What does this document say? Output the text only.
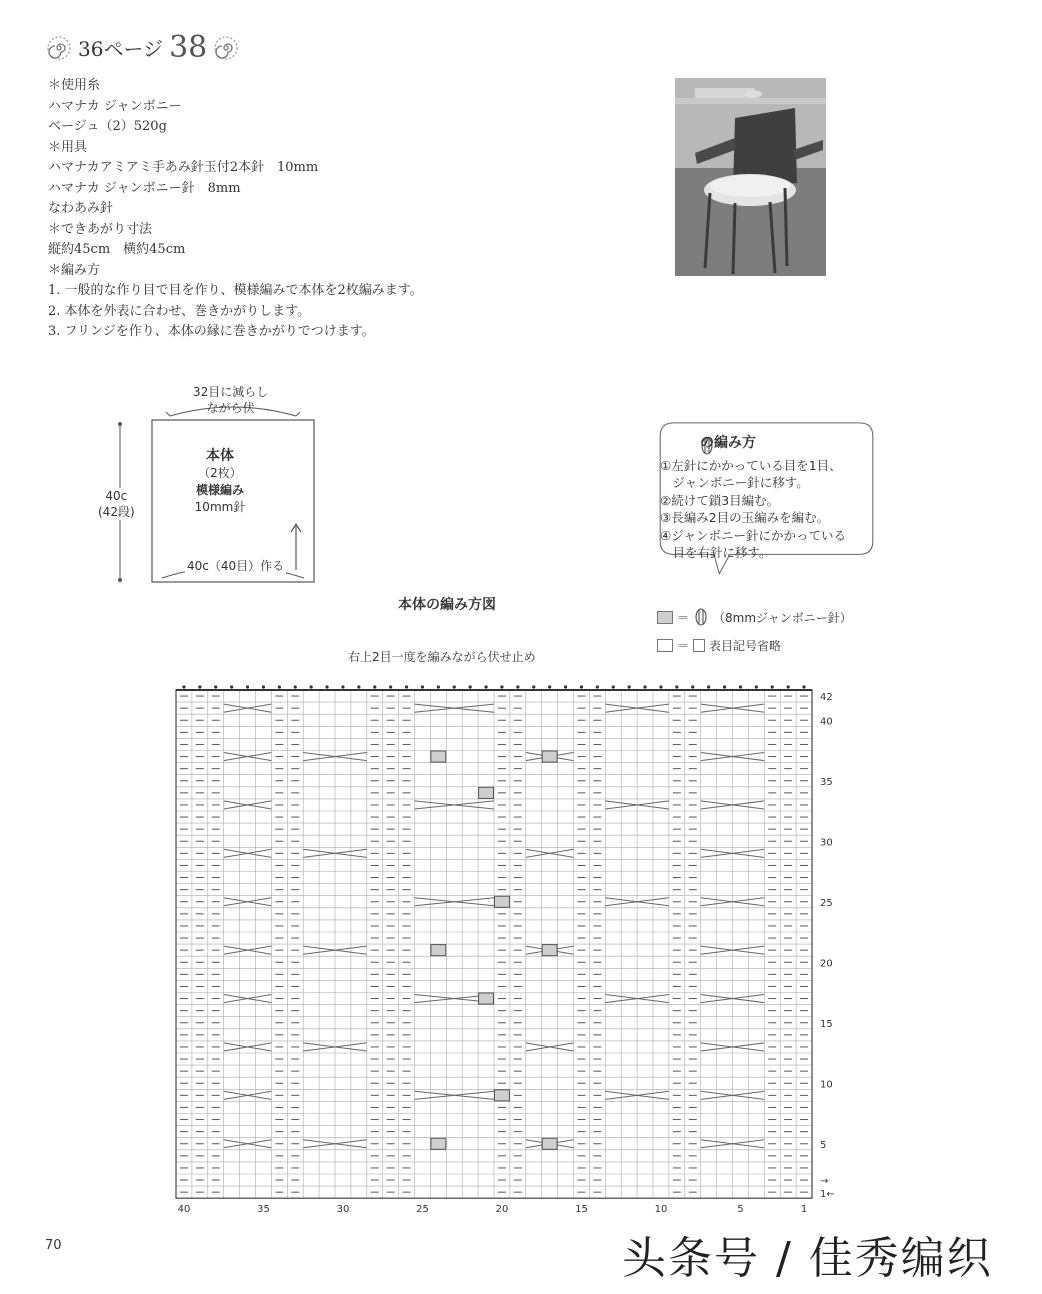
36ページ 38
＊使用糸
ハマナカ ジャンボニー
ベージュ（2）520g
＊用具
ハマナカアミアミ手あみ針玉付2本針　10mm
ハマナカ ジャンボニー針　8mm
なわあみ針
＊できあがり寸法
縦約45cm　横約45cm
＊編み方
1. 一般的な作り目で目を作り、模様編みで本体を2枚編みます。
2. 本体を外表に合わせ、巻きかがりします。
3. フリンジを作り、本体の縁に巻きかがりでつけます。
32目に減らし
ながら伏
本体
（2枚）
模様編み
10mm針
40c
(42段)
40c（40目）作る
の編み方
①左針にかかっている目を1目、
　ジャンボニー針に移す。
②続けて鎖3目編む。
③長編み2目の玉編みを編む。
④ジャンボニー針にかかっている
　目を右針に移す。
本体の編み方図
＝ （8mmジャンボニー針）
＝ 表目記号省略
右上2目一度を編みながら伏せ止め
40	35	30	25	20	15	10	5	1
42
40
35
30
25
20
15
10
5
1←
→
70	头条号 / 佳秀编织
